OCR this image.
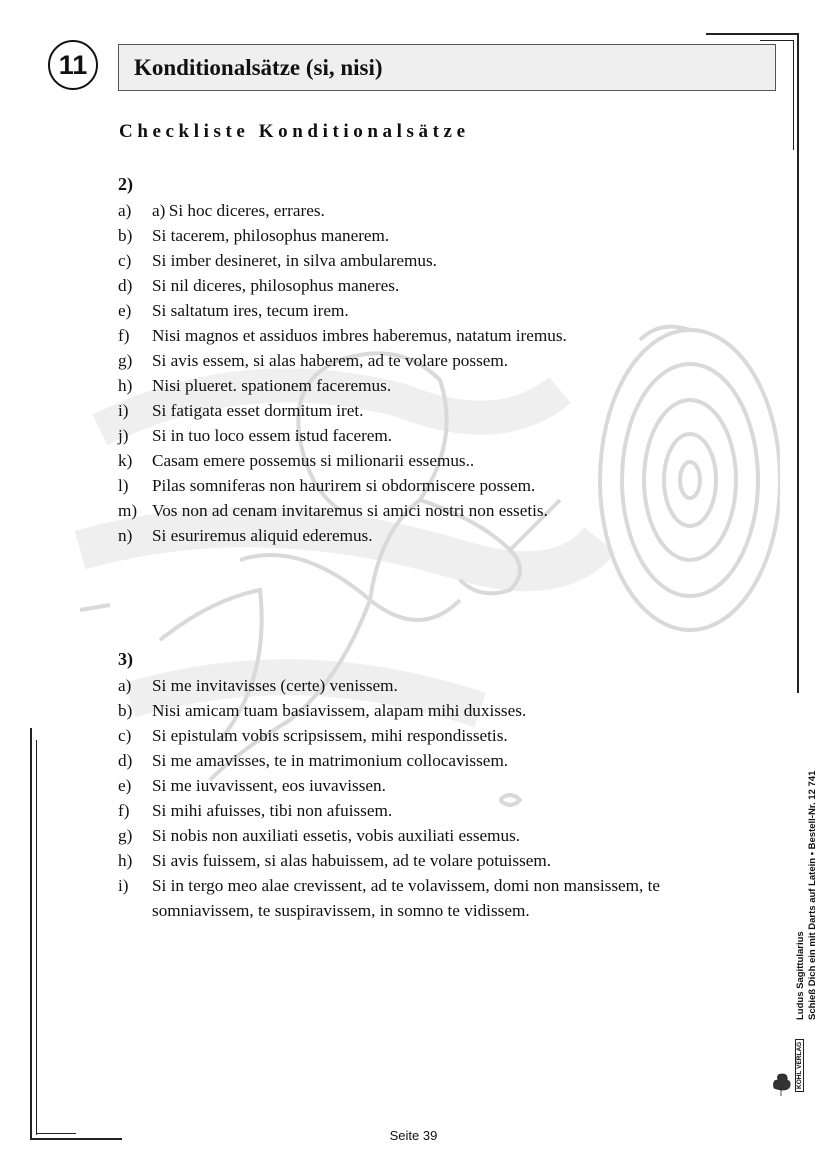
11 Konditionalsätze (si, nisi)
Checkliste Konditionalsätze
2)
a)	a) Si hoc diceres, errares.
b)	Si tacerem, philosophus manerem.
c)	Si imber desineret, in silva ambularemus.
d)	Si nil diceres, philosophus maneres.
e)	Si saltatum ires, tecum irem.
f)	Nisi magnos et assiduos imbres haberemus, natatum iremus.
g)	Si avis essem, si alas haberem, ad te volare possem.
h)	Nisi plueret. spationem faceremus.
i)	Si fatigata esset dormitum iret.
j)	Si in tuo loco essem istud facerem.
k)	Casam emere possemus si milionarii essemus..
l)	Pilas somniferas non haurirem si obdormiscere possem.
m) Vos non ad cenam invitaremus si amici nostri non essetis.
n)	Si esuriremus aliquid ederemus.
3)
a)	Si me invitavisses (certe) venissem.
b)	Nisi amicam tuam basiavissem, alapam mihi duxisses.
c)	Si epistulam vobis scripsissem, mihi respondissetis.
d)	Si me amavisses, te in matrimonium collocavissem.
e)	Si me iuvavissent, eos iuvavissen.
f)	Si mihi afuisses, tibi non afuissem.
g)	Si nobis non auxiliati essetis, vobis auxiliati essemus.
h)	Si avis fuissem, si alas habuissem, ad te volare potuissem.
i)	Si in tergo meo alae crevissent, ad te volavissem, domi non mansissem, te somniavissem, te suspiravissem, in somno te vidissem.
Ludus Sagittularius Schieß Dich ein mit Darts auf Latein • Bestell-Nr. 12 741
KOHL VERLAG
Seite 39
